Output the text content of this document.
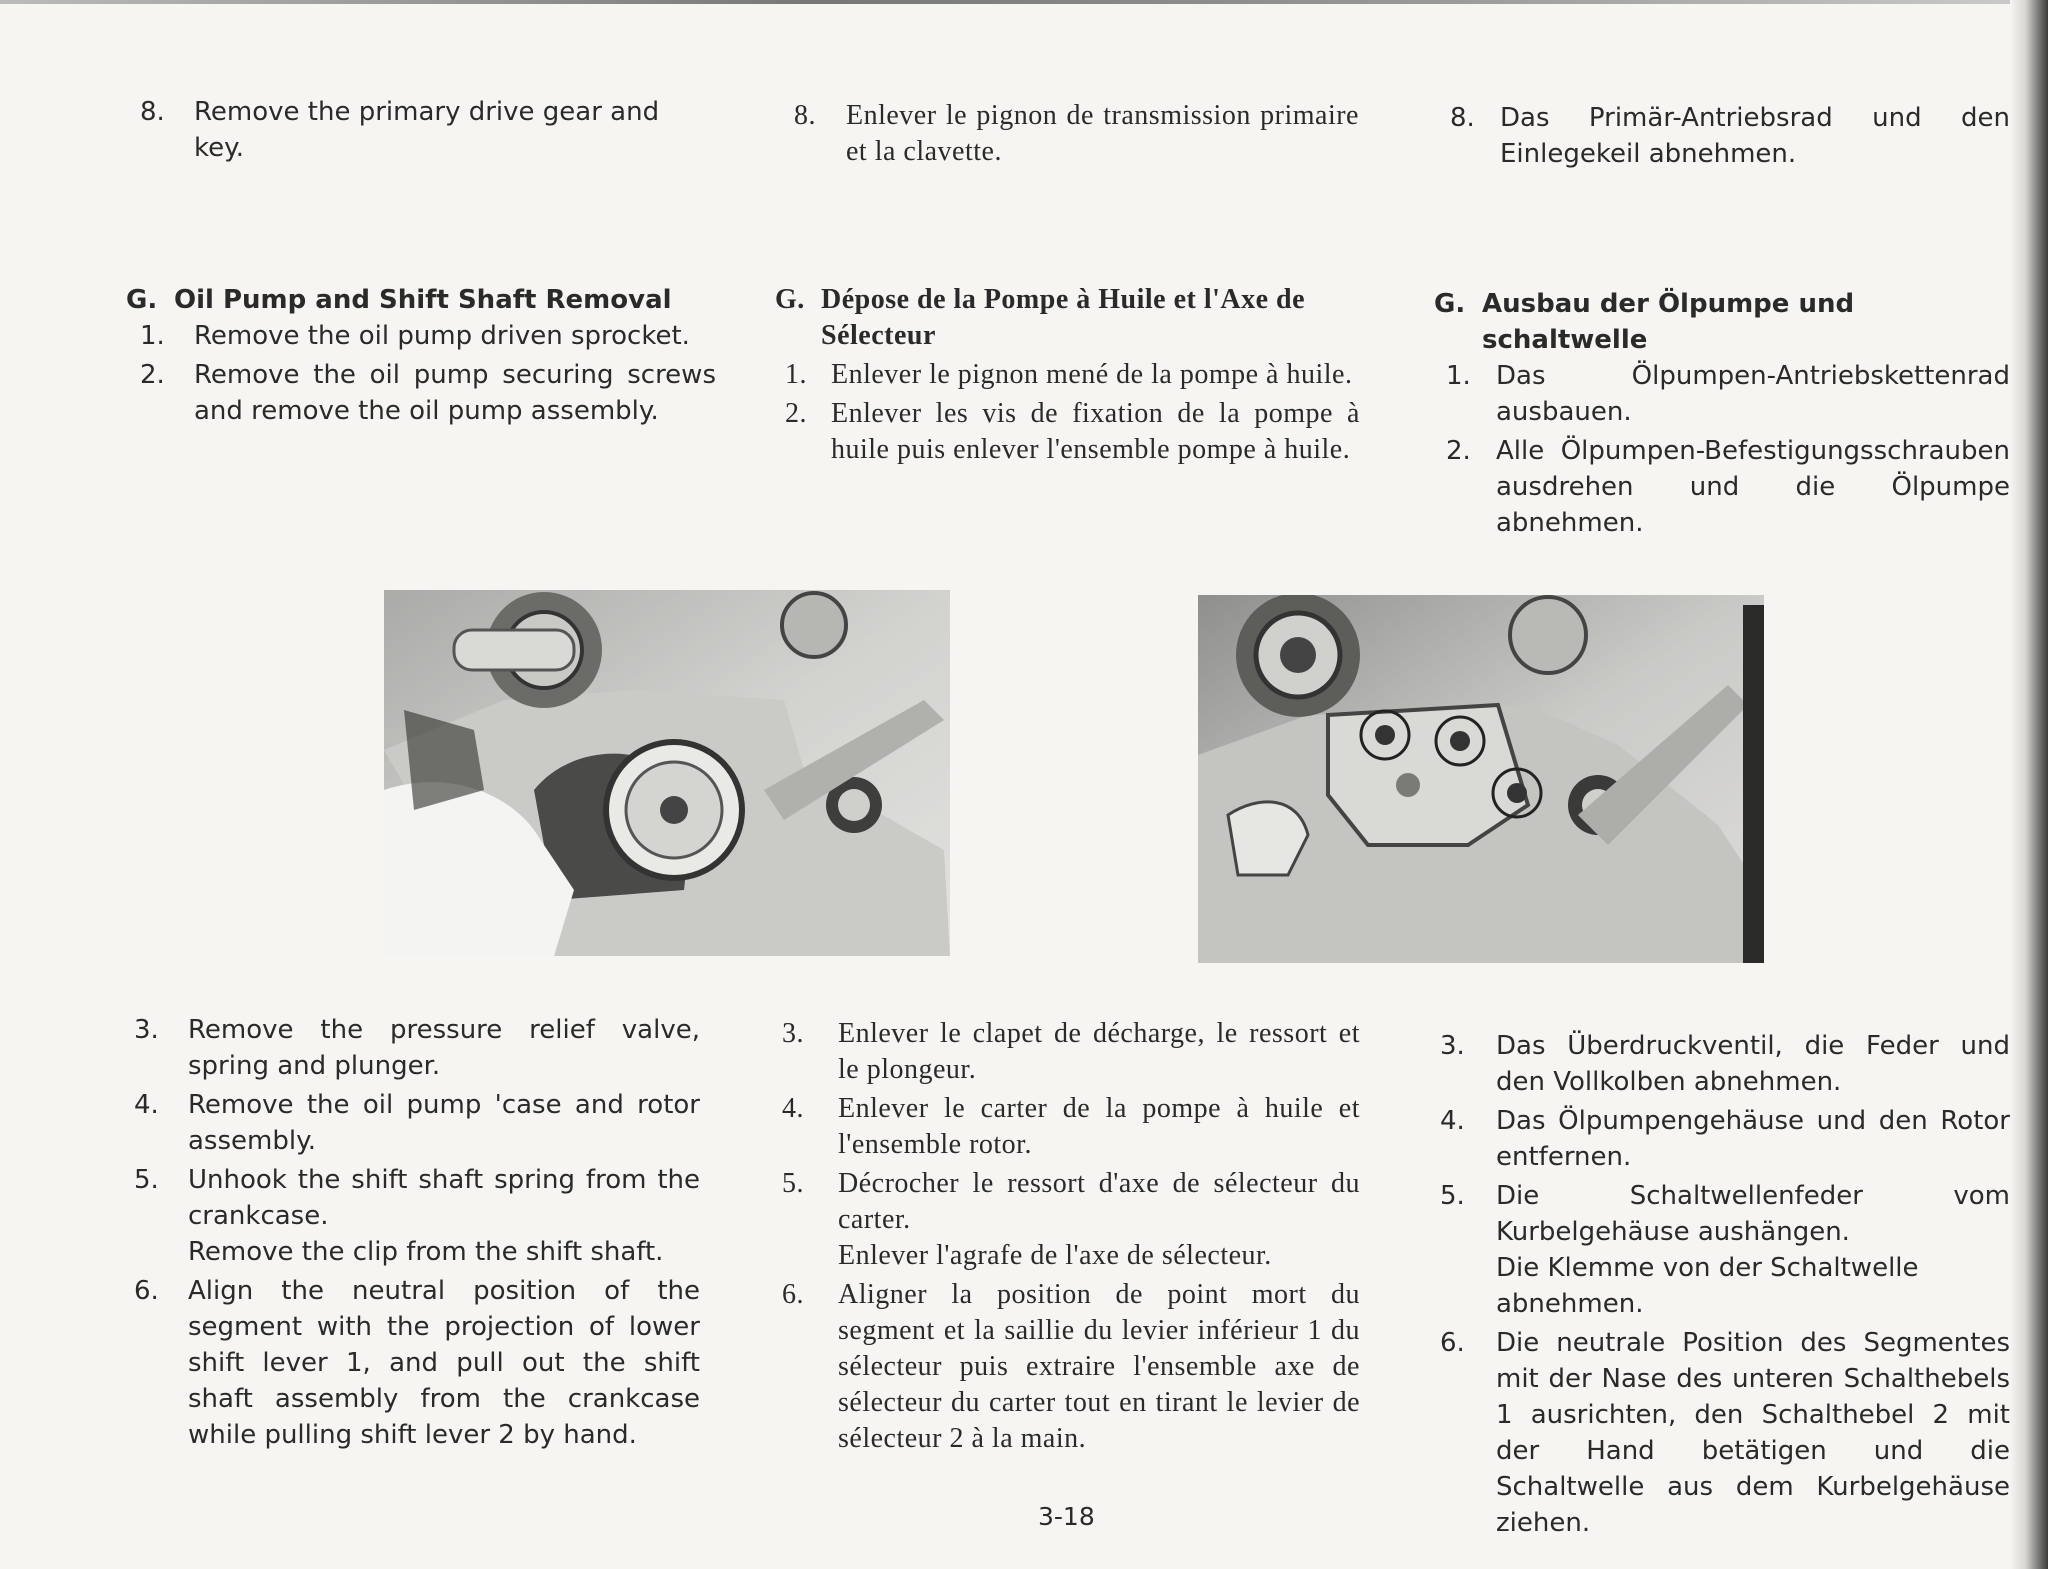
8.	Remove the primary drive gear and key.
8.	Enlever le pignon de transmission primaire et la clavette.
8. Das Primär-Antriebsrad und den Einlegekeil abnehmen.
G. Oil Pump and Shift Shaft Removal
1.	Remove the oil pump driven sprocket.
2.	Remove the oil pump securing screws and remove the oil pump assembly.
G. Dépose de la Pompe à Huile et l'Axe de Sélecteur
1. Enlever le pignon mené de la pompe à huile.
2. Enlever les vis de fixation de la pompe à huile puis enlever l'ensemble pompe à huile.
G. Ausbau der Ölpumpe und schaltwelle
1. Das Ölpumpen-Antriebskettenrad ausbauen.
2. Alle Ölpumpen-Befestigungsschrauben ausdrehen und die Ölpumpe abnehmen.
3.	Remove the pressure relief valve, spring and plunger.
4.	Remove the oil pump 'case and rotor assembly.
5.	Unhook the shift shaft spring from the crankcase.
Remove the clip from the shift shaft.
6.	Align the neutral position of the segment with the projection of lower shift lever 1, and pull out the shift shaft assembly from the crankcase while pulling shift lever 2 by hand.
3.	Enlever le clapet de décharge, le ressort et le plongeur.
4.	Enlever le carter de la pompe à huile et l'ensemble rotor.
5.	Décrocher le ressort d'axe de sélecteur du carter.
Enlever l'agrafe de l'axe de sélecteur.
6.	Aligner la position de point mort du segment et la saillie du levier inférieur 1 du sélecteur puis extraire l'ensemble axe de sélecteur du carter tout en tirant le levier de sélecteur 2 à la main.
3.	Das Überdruckventil, die Feder und den Vollkolben abnehmen.
4.	Das Ölpumpengehäuse und den Rotor entfernen.
5.	Die Schaltwellenfeder vom Kurbelgehäuse aushängen.
Die Klemme von der Schaltwelle abnehmen.
6.	Die neutrale Position des Segmentes mit der Nase des unteren Schalthebels 1 ausrichten, den Schalthebel 2 mit der Hand betätigen und die Schaltwelle aus dem Kurbelgehäuse ziehen.
3-18
